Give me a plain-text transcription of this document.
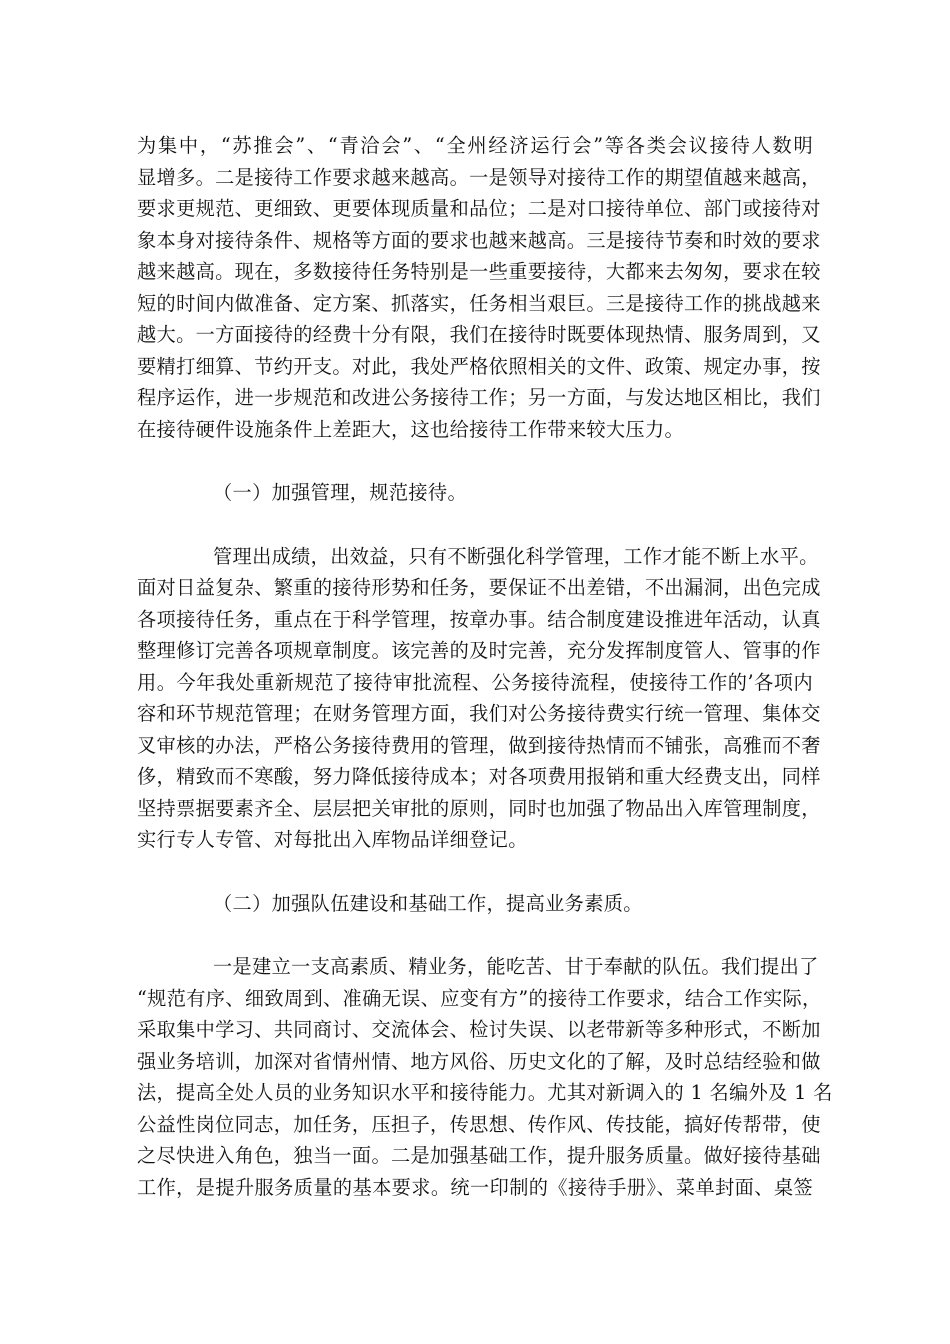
为集中，“苏推会”、“青洽会”、“全州经济运行会”等各类会议接待人数明
显增多。二是接待工作要求越来越高。一是领导对接待工作的期望值越来越高，
要求更规范、更细致、更要体现质量和品位；二是对口接待单位、部门或接待对
象本身对接待条件、规格等方面的要求也越来越高。三是接待节奏和时效的要求
越来越高。现在，多数接待任务特别是一些重要接待，大都来去匆匆，要求在较
短的时间内做准备、定方案、抓落实，任务相当艰巨。三是接待工作的挑战越来
越大。一方面接待的经费十分有限，我们在接待时既要体现热情、服务周到，又
要精打细算、节约开支。对此，我处严格依照相关的文件、政策、规定办事，按
程序运作，进一步规范和改进公务接待工作；另一方面，与发达地区相比，我们
在接待硬件设施条件上差距大，这也给接待工作带来较大压力。
（一）加强管理，规范接待。
管理出成绩，出效益，只有不断强化科学管理，工作才能不断上水平。
面对日益复杂、繁重的接待形势和任务，要保证不出差错，不出漏洞，出色完成
各项接待任务，重点在于科学管理，按章办事。结合制度建设推进年活动，认真
整理修订完善各项规章制度。该完善的及时完善，充分发挥制度管人、管事的作
用。今年我处重新规范了接待审批流程、公务接待流程，使接待工作的’各项内
容和环节规范管理；在财务管理方面，我们对公务接待费实行统一管理、集体交
叉审核的办法，严格公务接待费用的管理，做到接待热情而不铺张，高雅而不奢
侈，精致而不寒酸，努力降低接待成本；对各项费用报销和重大经费支出，同样
坚持票据要素齐全、层层把关审批的原则，同时也加强了物品出入库管理制度，
实行专人专管、对每批出入库物品详细登记。
（二）加强队伍建设和基础工作，提高业务素质。
一是建立一支高素质、精业务，能吃苦、甘于奉献的队伍。我们提出了
“规范有序、细致周到、准确无误、应变有方”的接待工作要求，结合工作实际，
采取集中学习、共同商讨、交流体会、检讨失误、以老带新等多种形式，不断加
强业务培训，加深对省情州情、地方风俗、历史文化的了解，及时总结经验和做
法，提高全处人员的业务知识水平和接待能力。尤其对新调入的 1 名编外及 1 名
公益性岗位同志，加任务，压担子，传思想、传作风、传技能，搞好传帮带，使
之尽快进入角色，独当一面。二是加强基础工作，提升服务质量。做好接待基础
工作，是提升服务质量的基本要求。统一印制的《接待手册》、菜单封面、桌签
